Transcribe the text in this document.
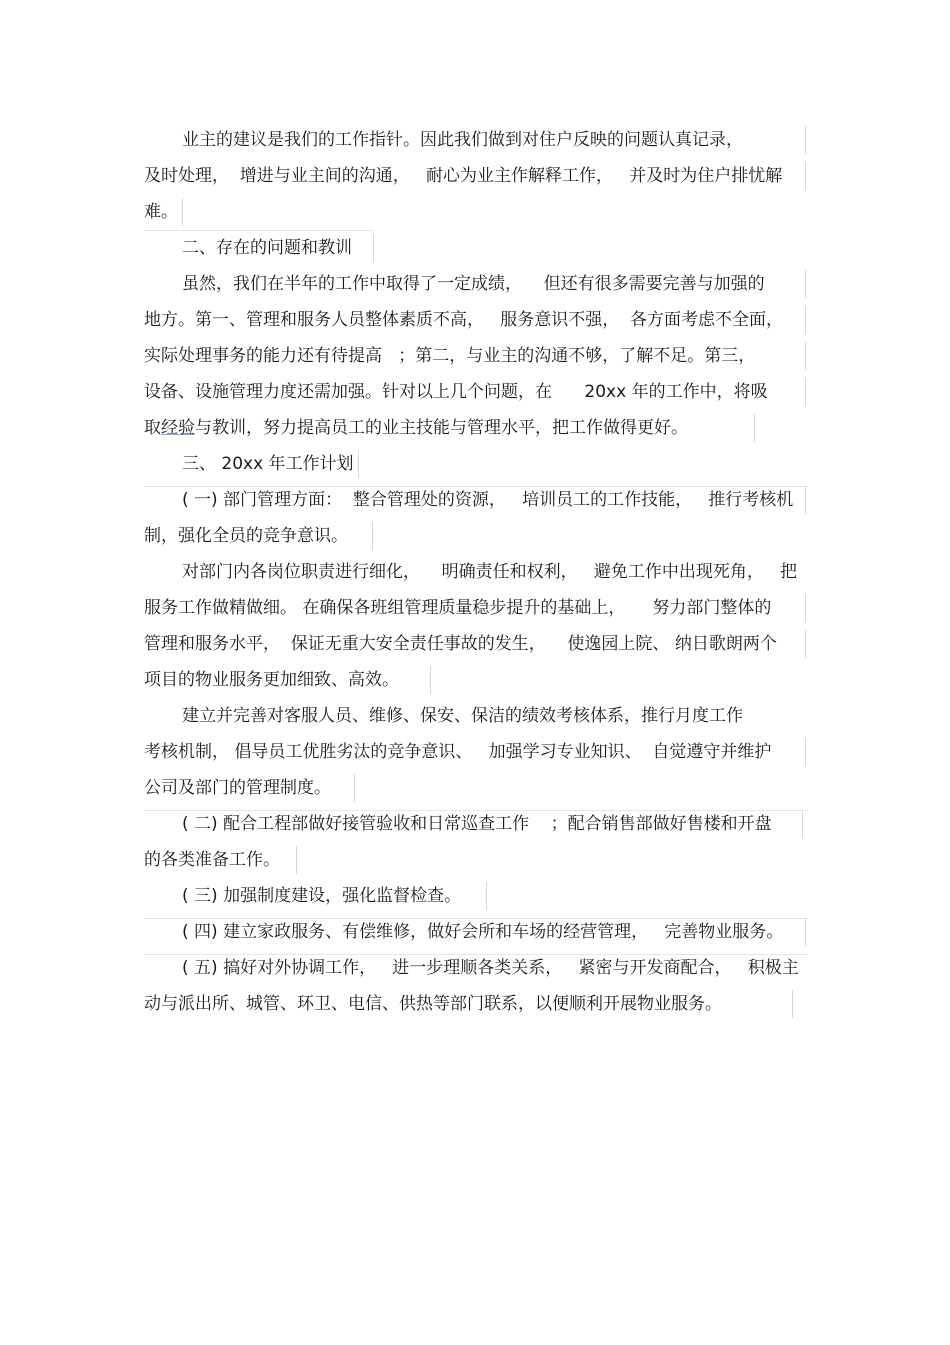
业主的建议是我们的工作指针。因此我们做到对住户反映的问题认真记录，
及时处理，  增进与业主间的沟通，   耐心为业主作解释工作，   并及时为住户排忧解
难。
二、存在的问题和教训
虽然，我们在半年的工作中取得了一定成绩，    但还有很多需要完善与加强的
地方。第一、管理和服务人员整体素质不高，   服务意识不强，  各方面考虑不全面，
实际处理事务的能力还有待提高   ；第二，与业主的沟通不够，了解不足。第三，
设备、设施管理力度还需加强。针对以上几个问题，在      20xx 年的工作中，将吸
取经验与教训，努力提高员工的业主技能与管理水平，把工作做得更好。
三、 20xx 年工作计划
( 一) 部门管理方面：  整合管理处的资源，   培训员工的工作技能，   推行考核机
制，强化全员的竞争意识。
对部门内各岗位职责进行细化，    明确责任和权利，   避免工作中出现死角，   把
服务工作做精做细。 在确保各班组管理质量稳步提升的基础上，     努力部门整体的
管理和服务水平，  保证无重大安全责任事故的发生，    使逸园上院、 纳日歌朗两个
项目的物业服务更加细致、高效。
建立并完善对客服人员、维修、保安、保洁的绩效考核体系，推行月度工作
考核机制， 倡导员工优胜劣汰的竞争意识、   加强学习专业知识、  自觉遵守并维护
公司及部门的管理制度。
( 二) 配合工程部做好接管验收和日常巡查工作    ；配合销售部做好售楼和开盘
的各类准备工作。
( 三) 加强制度建设，强化监督检查。
( 四) 建立家政服务、有偿维修，做好会所和车场的经营管理，   完善物业服务。
( 五) 搞好对外协调工作，   进一步理顺各类关系，   紧密与开发商配合，   积极主
动与派出所、城管、环卫、电信、供热等部门联系，以便顺利开展物业服务。
